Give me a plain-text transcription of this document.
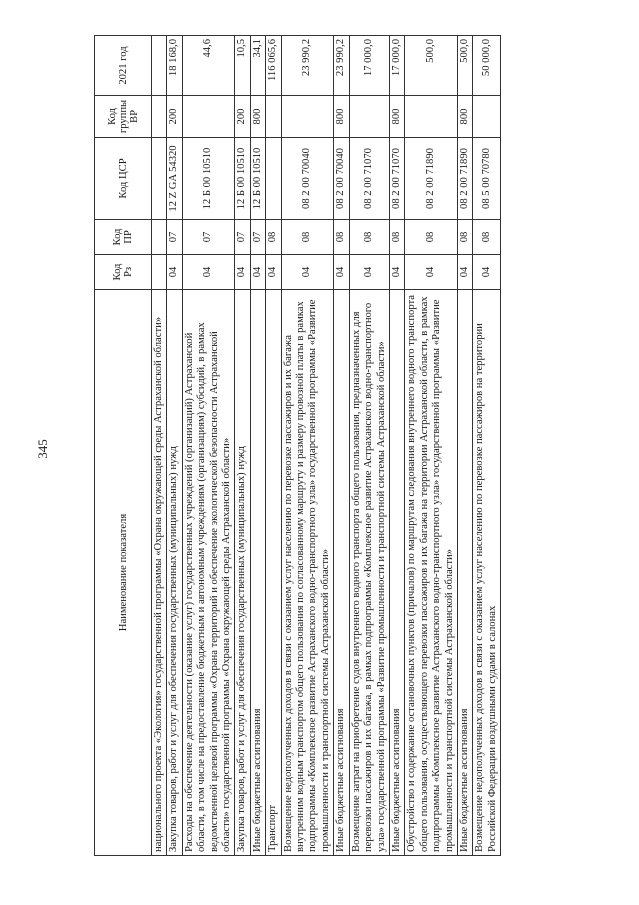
345
Наименование показателя	Код Рз	Код ПР	Код ЦСР	Код группы ВР	2021 год
национального проекта «Экология» государственной программы «Охрана окружающей среды Астраханской области»					
Закупка товаров, работ и услуг для обеспечения государственных (муниципальных) нужд	04	07	12 Z GA 54320	200	18 168,0
Расходы на обеспечение деятельности (оказание услуг) государственных учреждений (организаций) Астраханской области, в том числе на предоставление бюджетным и автономным учреждениям (организациям) субсидий, в рамках ведомственной целевой программы «Охрана территорий и обеспечение экологической безопасности Астраханской области» государственной программы «Охрана окружающей среды Астраханской области»	04	07	12 Б 00 10510		44,6
Закупка товаров, работ и услуг для обеспечения государственных (муниципальных) нужд	04	07	12 Б 00 10510	200	10,5
Иные бюджетные ассигнования	04	07	12 Б 00 10510	800	34,1
Транспорт	04	08			116 065,6
Возмещение недополученных доходов в связи с оказанием услуг населению по перевозке пассажиров и их багажа внутренним водным транспортом общего пользования по согласованному маршруту и размеру провозной платы в рамках подпрограммы «Комплексное развитие Астраханского водно-транспортного узла» государственной программы «Развитие промышленности и транспортной системы Астраханской области»	04	08	08 2 00 70040		23 990,2
Иные бюджетные ассигнования	04	08	08 2 00 70040	800	23 990,2
Возмещение затрат на приобретение судов внутреннего водного транспорта общего пользования, предназначенных для перевозки пассажиров и их багажа, в рамках подпрограммы «Комплексное развитие Астраханского водно-транспортного узла» государственной программы «Развитие промышленности и транспортной системы Астраханской области»	04	08	08 2 00 71070		17 000,0
Иные бюджетные ассигнования	04	08	08 2 00 71070	800	17 000,0
Обустройство и содержание остановочных пунктов (причалов) по маршрутам следования внутреннего водного транспорта общего пользования, осуществляющего перевозки пассажиров и их багажа на территории Астраханской области, в рамках подпрограммы «Комплексное развитие Астраханского водно-транспортного узла» государственной программы «Развитие промышленности и транспортной системы Астраханской области»	04	08	08 2 00 71890		500,0
Иные бюджетные ассигнования	04	08	08 2 00 71890	800	500,0
Возмещение недополученных доходов в связи с оказанием услуг населению по перевозке пассажиров на территории Российской Федерации воздушными судами в салонах	04	08	08 5 00 70780		50 000,0
